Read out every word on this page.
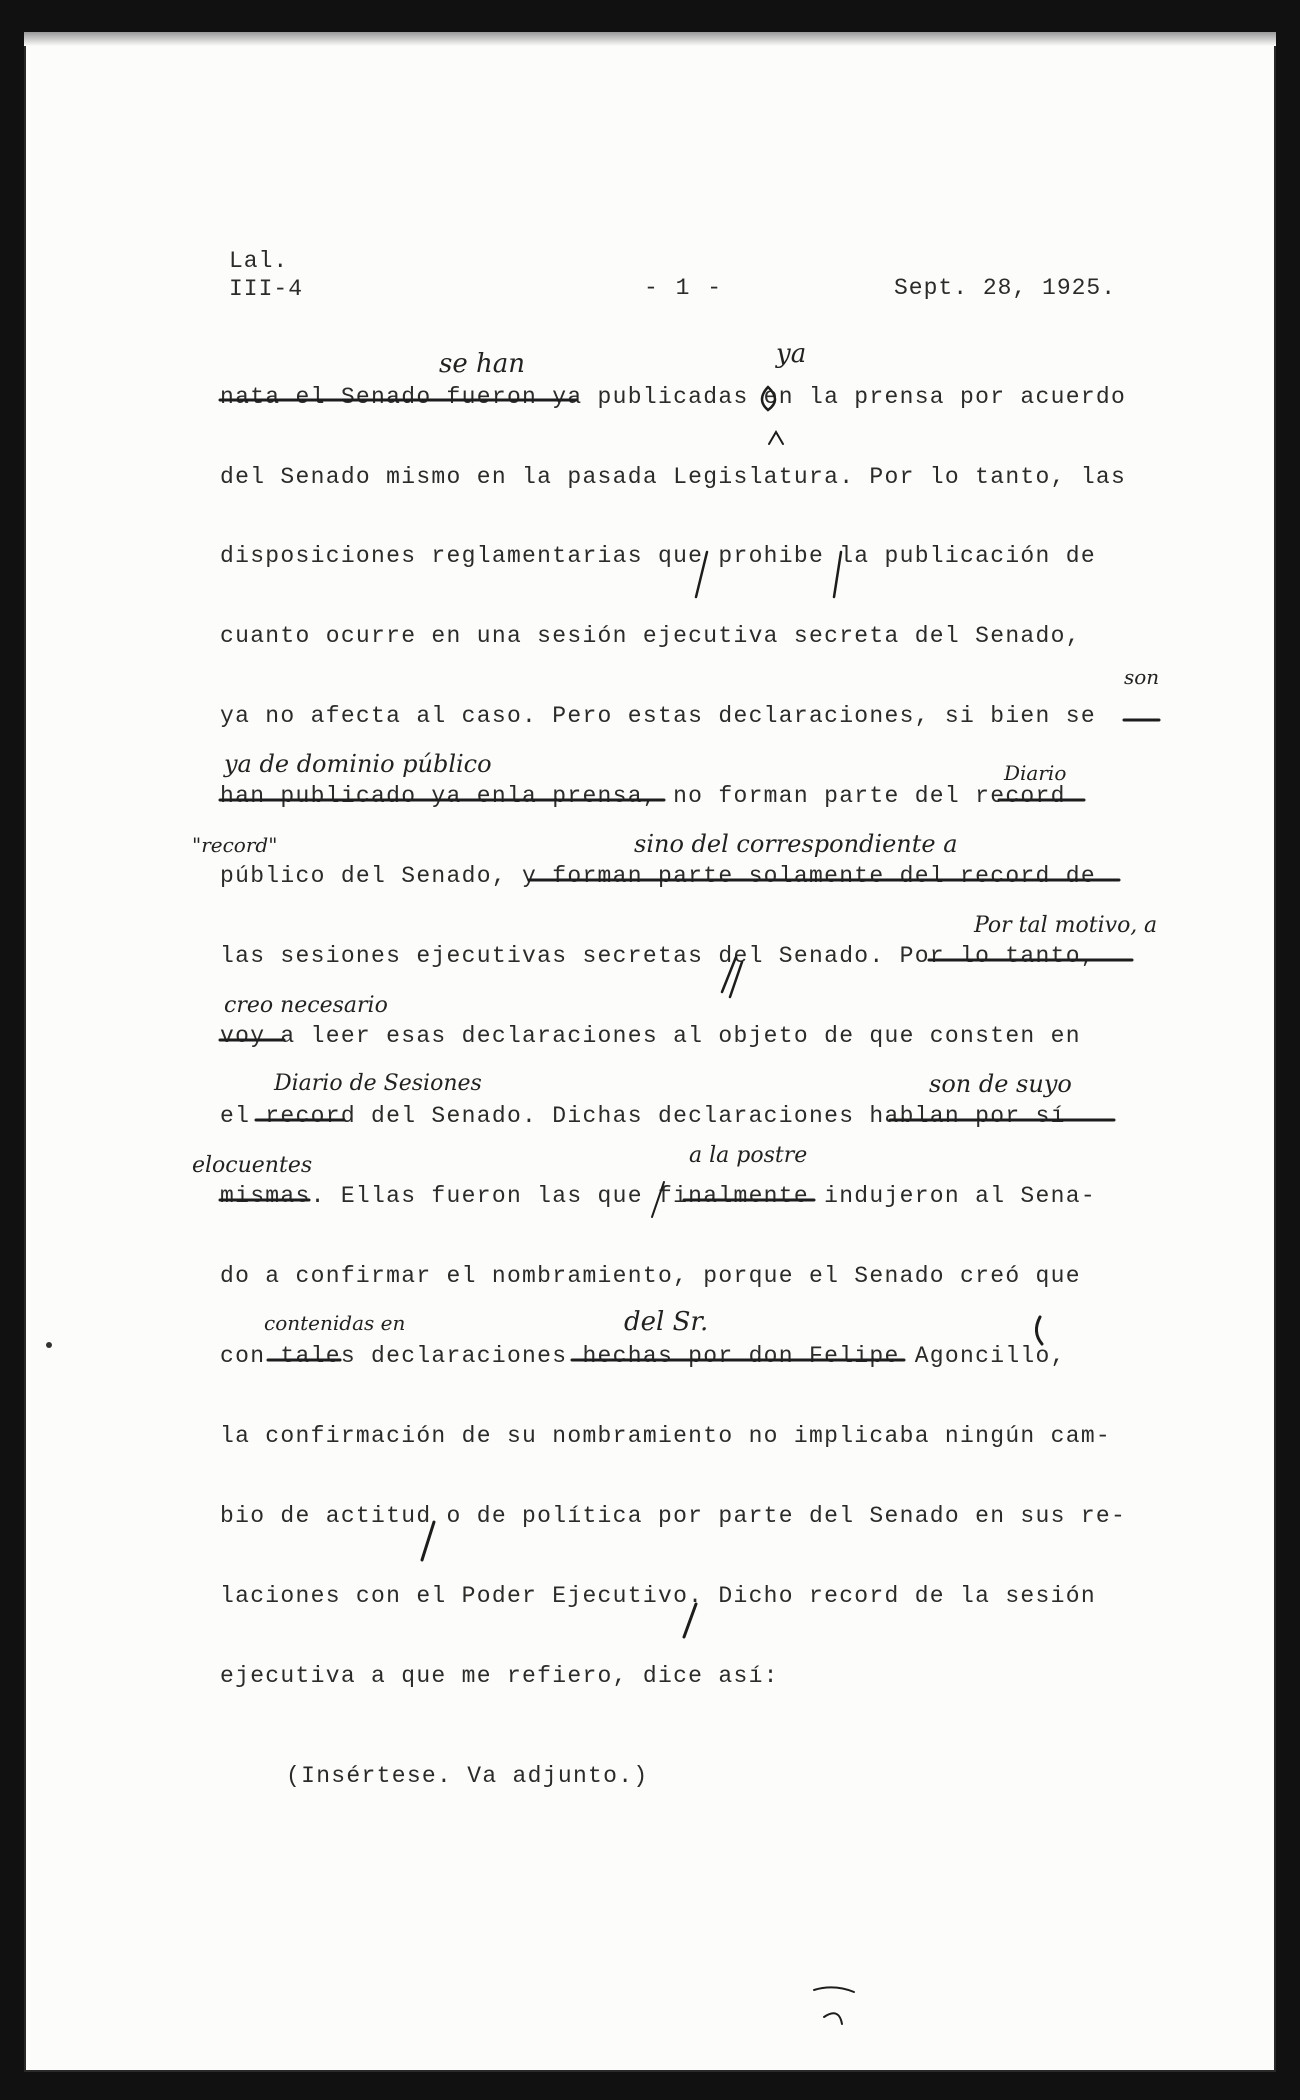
Lal.
III-4	- 1 -	Sept. 28, 1925.
nata el Senado fueron ya publicadas en la prensa por acuerdo
del Senado mismo en la pasada Legislatura. Por lo tanto, las
disposiciones reglamentarias que prohibe la publicación de
cuanto ocurre en una sesión ejecutiva secreta del Senado,
ya no afecta al caso. Pero estas declaraciones, si bien se
han publicado ya enla prensa, no forman parte del record
público del Senado, y forman parte solamente del record de
las sesiones ejecutivas secretas del Senado. Por lo tanto,
voy a leer esas declaraciones al objeto de que consten en
el record del Senado. Dichas declaraciones hablan por sí
mismas. Ellas fueron las que finalmente indujeron al Sena-
do a confirmar el nombramiento, porque el Senado creó que
con tales declaraciones hechas por don Felipe Agoncillo,
la confirmación de su nombramiento no implicaba ningún cam-
bio de actitud o de política por parte del Senado en sus re-
laciones con el Poder Ejecutivo. Dicho record de la sesión
ejecutiva a que me refiero, dice así:
(Insértese. Va adjunto.)
se han	ya
son
ya de dominio público	Diario
"record"	sino del correspondiente a
Por tal motivo,
creo necesario
Diario de Sesiones	son de suyo
elocuentes	a la postre
contenidas en	del Sr.
a
